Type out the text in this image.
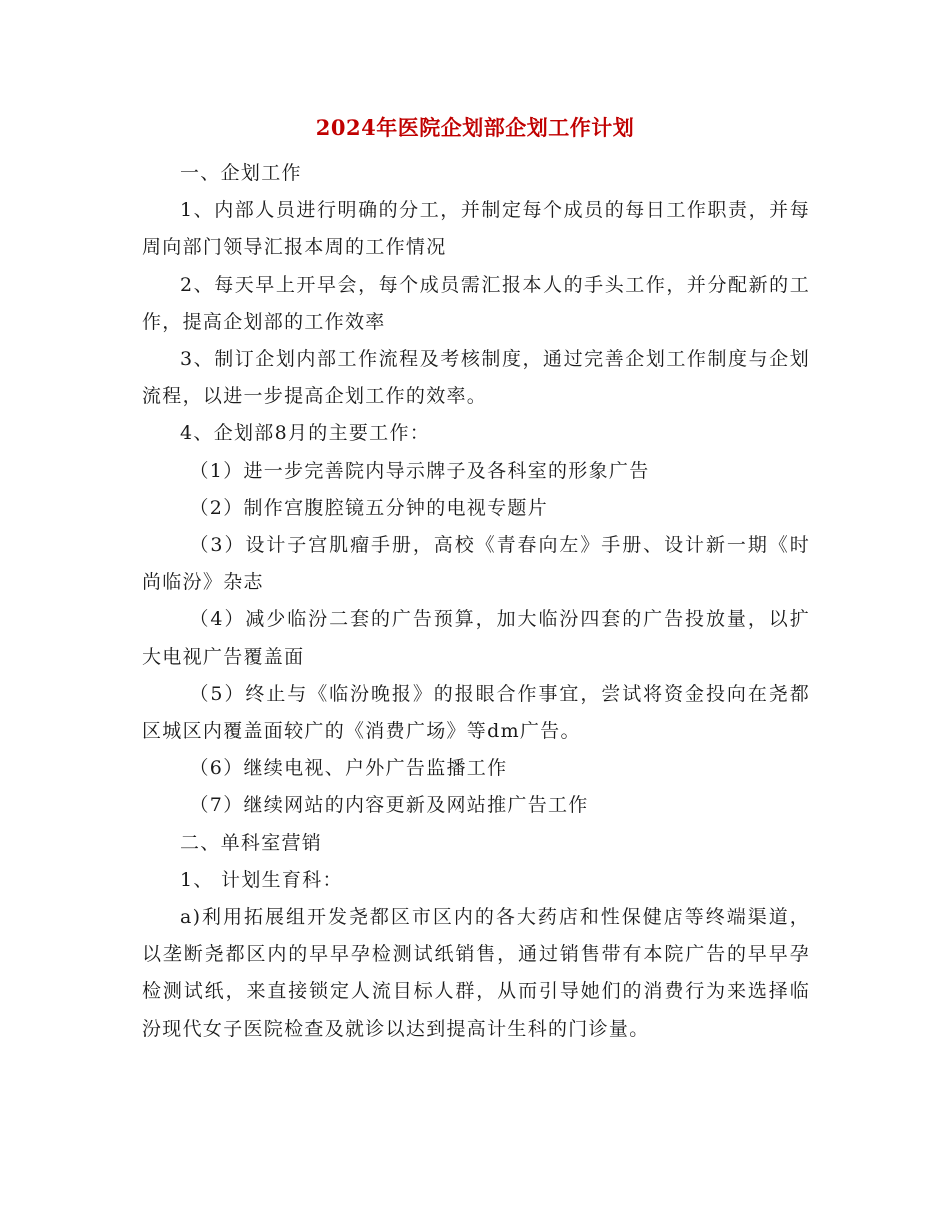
2024年医院企划部企划工作计划

一、企划工作

1、内部人员进行明确的分工，并制定每个成员的每日工作职责，并每周向部门领导汇报本周的工作情况

2、每天早上开早会，每个成员需汇报本人的手头工作，并分配新的工作，提高企划部的工作效率

3、制订企划内部工作流程及考核制度，通过完善企划工作制度与企划流程，以进一步提高企划工作的效率。

4、企划部8月的主要工作：

（1）进一步完善院内导示牌子及各科室的形象广告

（2）制作宫腹腔镜五分钟的电视专题片

（3）设计子宫肌瘤手册，高校《青春向左》手册、设计新一期《时尚临汾》杂志

（4）减少临汾二套的广告预算，加大临汾四套的广告投放量，以扩大电视广告覆盖面

（5）终止与《临汾晚报》的报眼合作事宜，尝试将资金投向在尧都区城区内覆盖面较广的《消费广场》等dm广告。

（6）继续电视、户外广告监播工作

（7）继续网站的内容更新及网站推广告工作

二、单科室营销

1、 计划生育科：

a)利用拓展组开发尧都区市区内的各大药店和性保健店等终端渠道，以垄断尧都区内的早早孕检测试纸销售，通过销售带有本院广告的早早孕检测试纸，来直接锁定人流目标人群，从而引导她们的消费行为来选择临汾现代女子医院检查及就诊以达到提高计生科的门诊量。
